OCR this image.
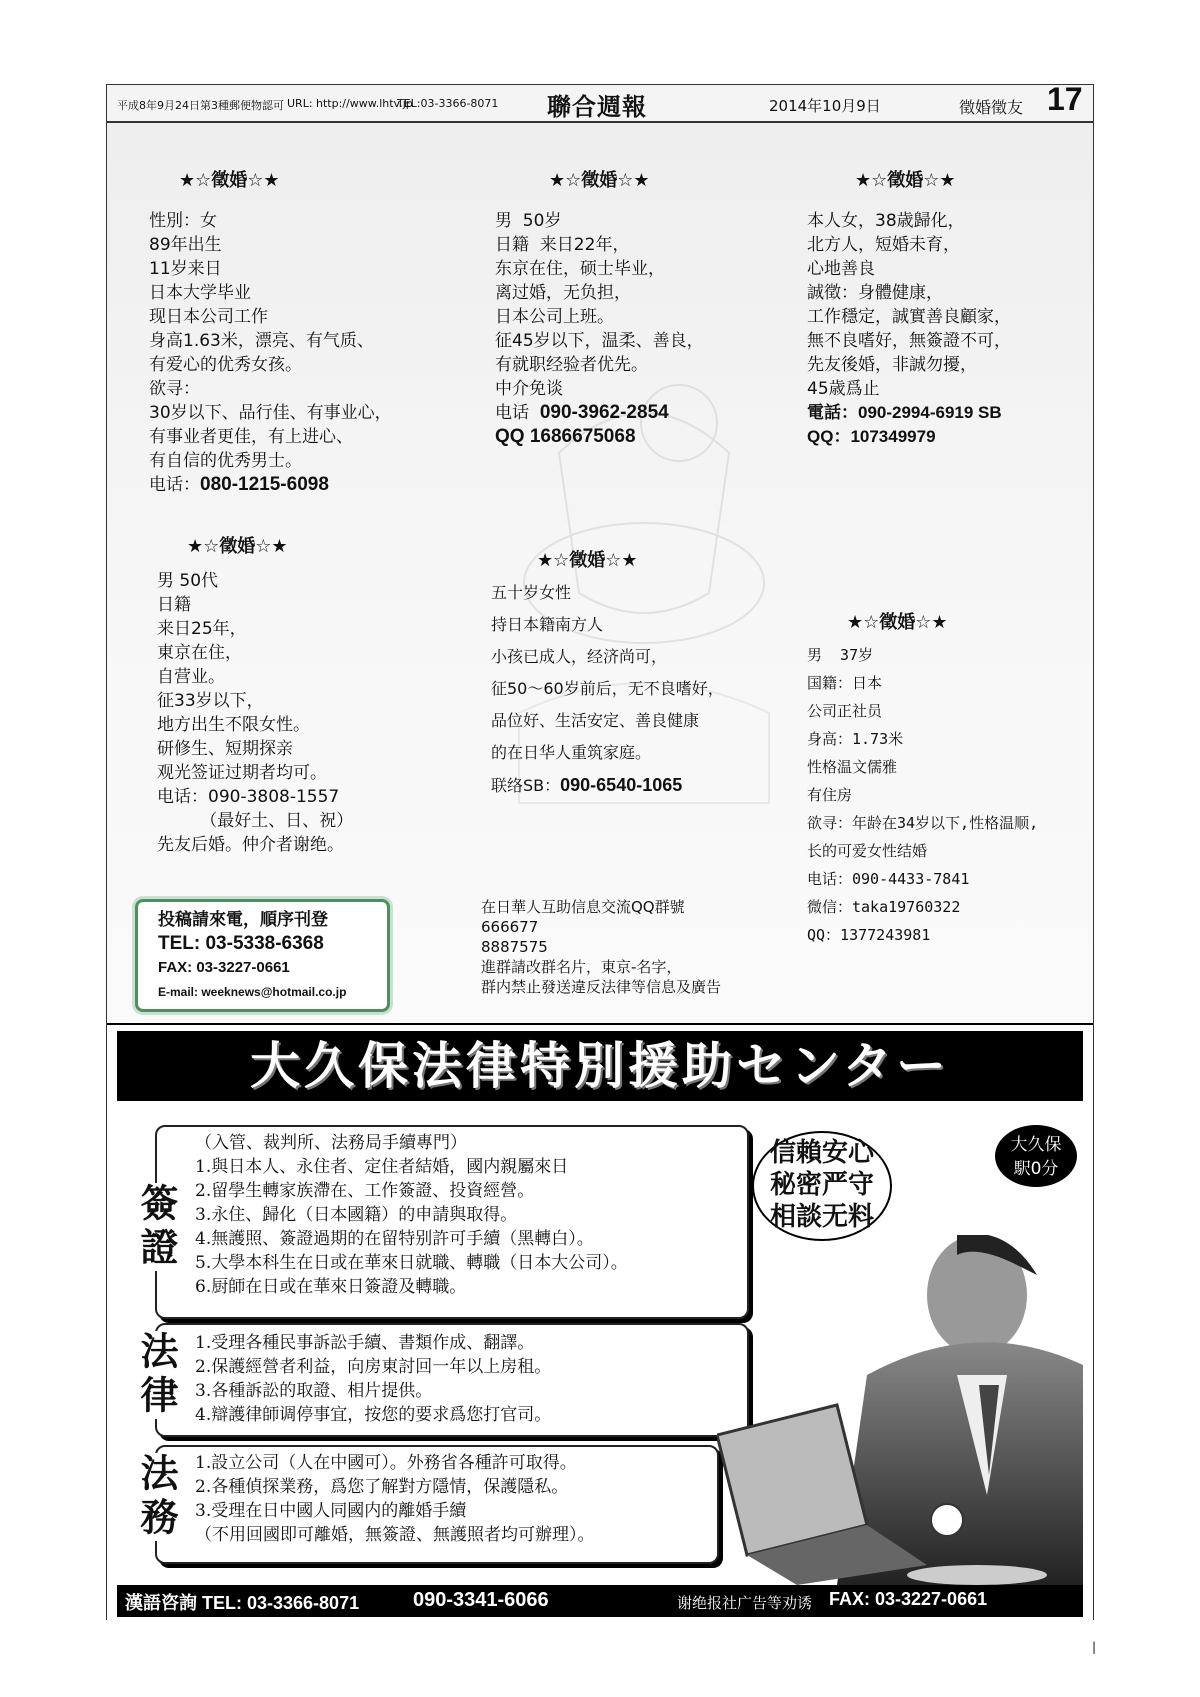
平成8年9月24日第3種郵便物認可 URL: http://www.lhtv.jp
TEL:03-3366-8071 聯合週報	2014年10月9日	徵婚徵友 17
★☆徵婚☆★

性別：女

89年出生

11岁来日

日本大学毕业

现日本公司工作

身高1.63米，漂亮、有气质、

有爱心的优秀女孩。

欲寻：

30岁以下、品行佳、有事业心，

有事业者更佳，有上进心、

有自信的优秀男士。

电话：080-1215-6098

★☆徵婚☆★

男  50岁

日籍  来日22年，

东京在住，硕士毕业，

离过婚，无负担，

日本公司上班。

征45岁以下，温柔、善良，

有就职经验者优先。

中介免谈

电话  090-3962-2854

QQ 1686675068

★☆徵婚☆★

本人女，38歳歸化，

北方人，短婚未育，

心地善良

誠徵：身體健康，

工作穩定，誠實善良顧家，

無不良嗜好，無簽證不可，

先友後婚，非誠勿擾，

45歳爲止

電話：090-2994-6919 SB

QQ：107349979

★☆徵婚☆★

男 50代

日籍

来日25年，

東京在住，

自营业。

征33岁以下，

地方出生不限女性。

研修生、短期探亲

观光签证过期者均可。

电话：090-3808-1557

（最好土、日、祝）

先友后婚。仲介者谢绝。

★☆徵婚☆★

五十岁女性

持日本籍南方人

小孩已成人，经济尚可，

征50～60岁前后，无不良嗜好，

品位好、生活安定、善良健康

的在日华人重筑家庭。

联络SB：090-6540-1065

★☆徵婚☆★

男  37岁

国籍：日本

公司正社员

身高：1.73米

性格温文儒雅

有住房

欲寻：年龄在34岁以下,性格温顺,

长的可爱女性结婚

电话：090-4433-7841

微信：taka19760322

QQ：1377243981

投稿請來電，順序刊登
TEL: 03-5338-6368
FAX: 03-3227-0661
E-mail: weeknews@hotmail.co.jp

在日華人互助信息交流QQ群號

666677

8887575

進群請改群名片，東京-名字，

群内禁止發送違反法律等信息及廣告

大久保法律特別援助センター
信賴安心
秘密严守
相談无料
大久保
駅0分
簽證

（入管、裁判所、法務局手續專門）

1.與日本人、永住者、定住者結婚，國内親屬來日

2.留學生轉家族滯在、工作簽證、投資經營。

3.永住、歸化（日本國籍）的申請與取得。

4.無護照、簽證過期的在留特别許可手續（黑轉白）。

5.大學本科生在日或在華來日就職、轉職（日本大公司）。

6.厨師在日或在華來日簽證及轉職。

法律	1.受理各種民事訴訟手續、書類作成、翻譯。

2.保護經營者利益，向房東討回一年以上房租。

3.各種訴訟的取證、相片提供。

4.辯護律師调停事宜，按您的要求爲您打官司。

法務	1.設立公司（人在中國可）。外務省各種許可取得。

2.各種偵探業務，爲您了解對方隱情，保護隱私。

3.受理在日中國人同國内的離婚手續

（不用回國即可離婚，無簽證、無護照者均可辦理）。

漢語咨詢 TEL: 03-3366-8071	090-3341-6066	谢绝报社广告等劝诱 FAX: 03-3227-0661
|
